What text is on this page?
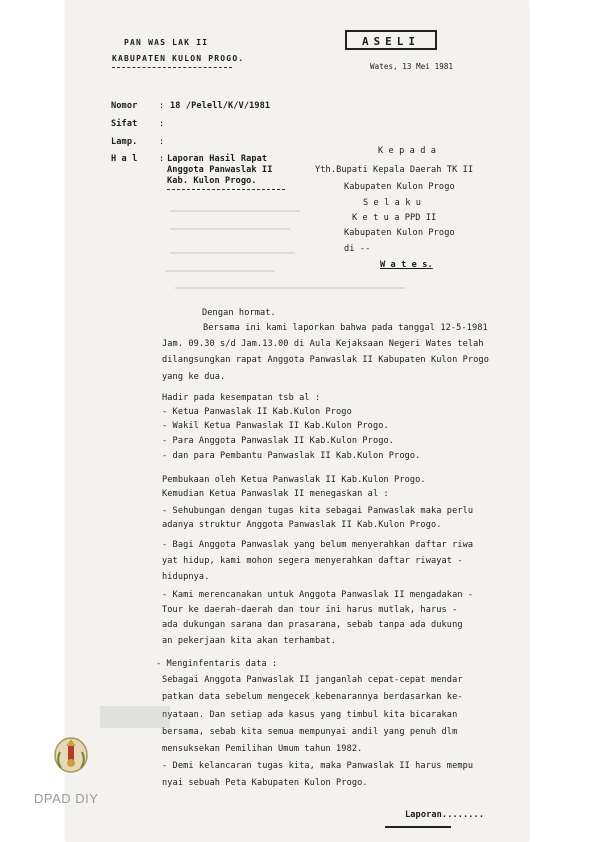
PAN WAS LAK II
KABUPATEN KULON PROGO.
ASELI
Wates, 13 Mei 1981
Nomor	: 18 /Pelell/K/V/1981
Sifat	:
Lamp.	:
H a l	: Laporan Hasil Rapat
Anggota Panwaslak II
Kab. Kulon Progo.
K e p a d a
Yth.Bupati Kepala Daerah TK II
Kabupaten Kulon Progo
S e l a k u
K e t u a PPD II
Kabupaten Kulon Progo
di --
W a t e s.
Dengan hormat.
Bersama ini kami laporkan bahwa pada tanggal 12-5-1981
Jam. 09.30 s/d Jam.13.00 di Aula Kejaksaan Negeri Wates telah
dilangsungkan rapat Anggota Panwaslak II Kabupaten Kulon Progo
yang ke dua.
Hadir pada kesempatan tsb al :
- Ketua Panwaslak II Kab.Kulon Progo
- Wakil Ketua Panwaslak II Kab.Kulon Progo.
- Para Anggota Panwaslak II Kab.Kulon Progo.
- dan para Pembantu Panwaslak II Kab.Kulon Progo.
Pembukaan oleh Ketua Panwaslak II Kab.Kulon Progo.
Kemudian Ketua Panwaslak II menegaskan al :
- Sehubungan dengan tugas kita sebagai Panwaslak maka perlu
adanya struktur Anggota Panwaslak II Kab.Kulon Progo.
- Bagi Anggota Panwaslak yang belum menyerahkan daftar riwa
yat hidup, kami mohon segera menyerahkan daftar riwayat -
hidupnya.
- Kami merencanakan untuk Anggota Panwaslak II mengadakan -
Tour ke daerah-daerah dan tour ini harus mutlak, harus -
ada dukungan sarana dan prasarana, sebab tanpa ada dukung
an pekerjaan kita akan terhambat.
- Menginfentaris data :
Sebagai Anggota Panwaslak II janganlah cepat-cepat mendar
patkan data sebelum mengecek kebenarannya berdasarkan ke-
nyataan. Dan setiap ada kasus yang timbul kita bicarakan
bersama, sebab kita semua mempunyai andil yang penuh dlm
mensuksekan Pemilihan Umum tahun 1982.
- Demi kelancaran tugas kita, maka Panwaslak II harus mempu
nyai sebuah Peta Kabupaten Kulon Progo.
Laporan........
DPAD DIY
